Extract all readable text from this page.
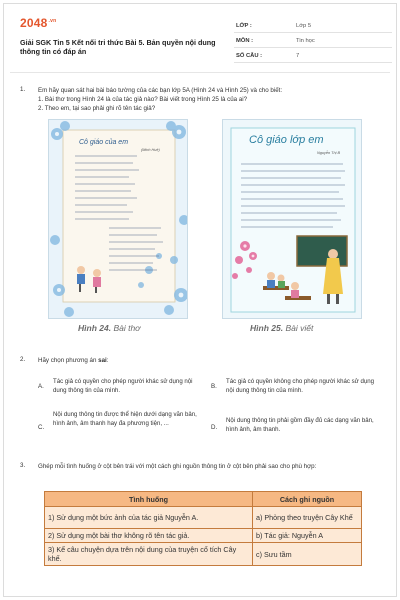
$2048^{.vn}$
Giải SGK Tin 5 Kết nối tri thức Bài 5. Bản quyền nội dung thông tin có đáp án
LỚP :	Lớp 5
MÔN :	Tin học
SỐ CÂU :	7
1. Em hãy quan sát hai bài báo tường của các bạn lớp 5A (Hình 24 và Hình 25) và cho biết:
1. Bài thơ trong Hình 24 là của tác giả nào? Bài viết trong Hình 25 là của ai?
2. Theo em, tại sao phải ghi rõ tên tác giả?
Cô giáo của em
(Minh Huệ)
Hình 24. Bài thơ
Cô giáo lớp em
Nguyễn Thị B
Hình 25. Bài viết
2. Hãy chọn phương án sai:
A.
Tác giả có quyền cho phép người khác sử dụng nội dung thông tin của mình.
B.
Tác giả có quyền không cho phép người khác sử dụng nội dung thông tin của mình.
C.
Nội dung thông tin được thể hiện dưới dạng văn bản, hình ảnh, âm thanh hay đa phương tiện, ...
D.
Nội dung thông tin phải gồm đầy đủ các dạng văn bản, hình ảnh, âm thanh.
3. Ghép mỗi tình huống ở cột bên trái với một cách ghi nguồn thông tin ở cột bên phải sao cho phù hợp:
Tình huống	Cách ghi nguồn
1) Sử dụng một bức ảnh của tác giả Nguyễn A.	a) Phỏng theo truyện Cây Khế
2) Sử dụng một bài thơ không rõ tên tác giả.	b) Tác giả: Nguyễn A
3) Kể câu chuyện dựa trên nội dung của truyện cổ tích Cây khế.	c) Sưu tầm
